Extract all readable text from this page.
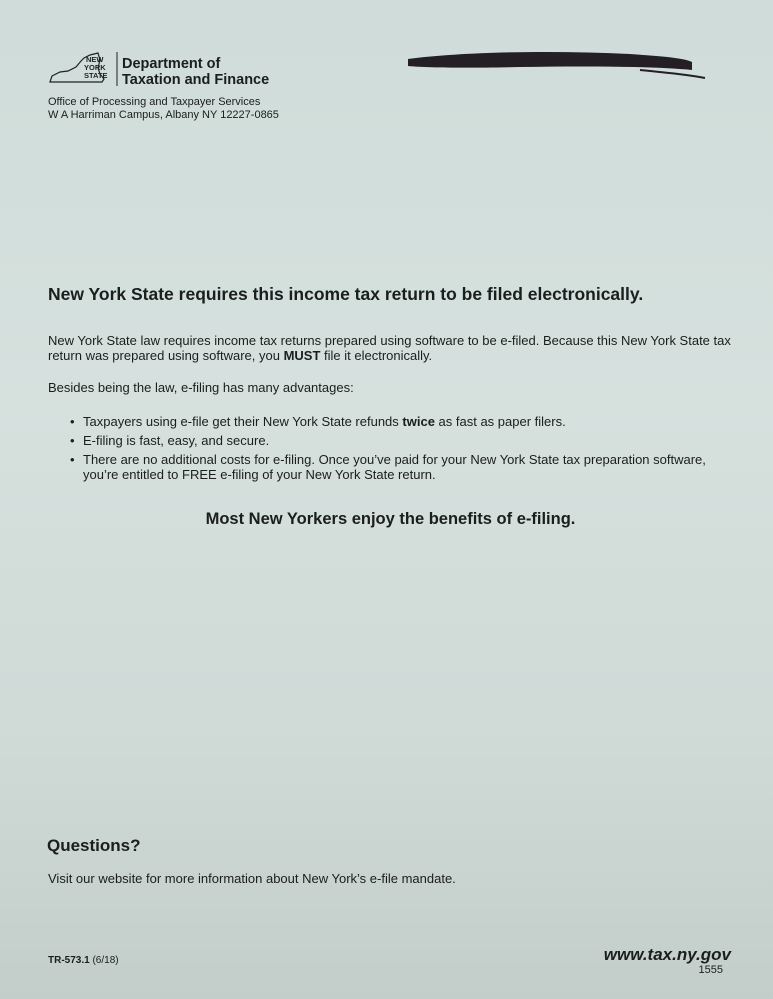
NEW
YORK
STATE
Department of
Taxation and Finance
Office of Processing and Taxpayer Services
W A Harriman Campus, Albany NY 12227-0865
New York State requires this income tax return to be filed electronically.
New York State law requires income tax returns prepared using software to be e-filed. Because this New York State tax return was prepared using software, you MUST file it electronically.
Besides being the law, e-filing has many advantages:
• Taxpayers using e-file get their New York State refunds twice as fast as paper filers.
• E-filing is fast, easy, and secure.
• There are no additional costs for e-filing. Once you’ve paid for your New York State tax preparation software, you’re entitled to FREE e-filing of your New York State return.
Most New Yorkers enjoy the benefits of e-filing.
Questions?
Visit our website for more information about New York’s e-file mandate.
TR-573.1 (6/18)	www.tax.ny.gov
1555
